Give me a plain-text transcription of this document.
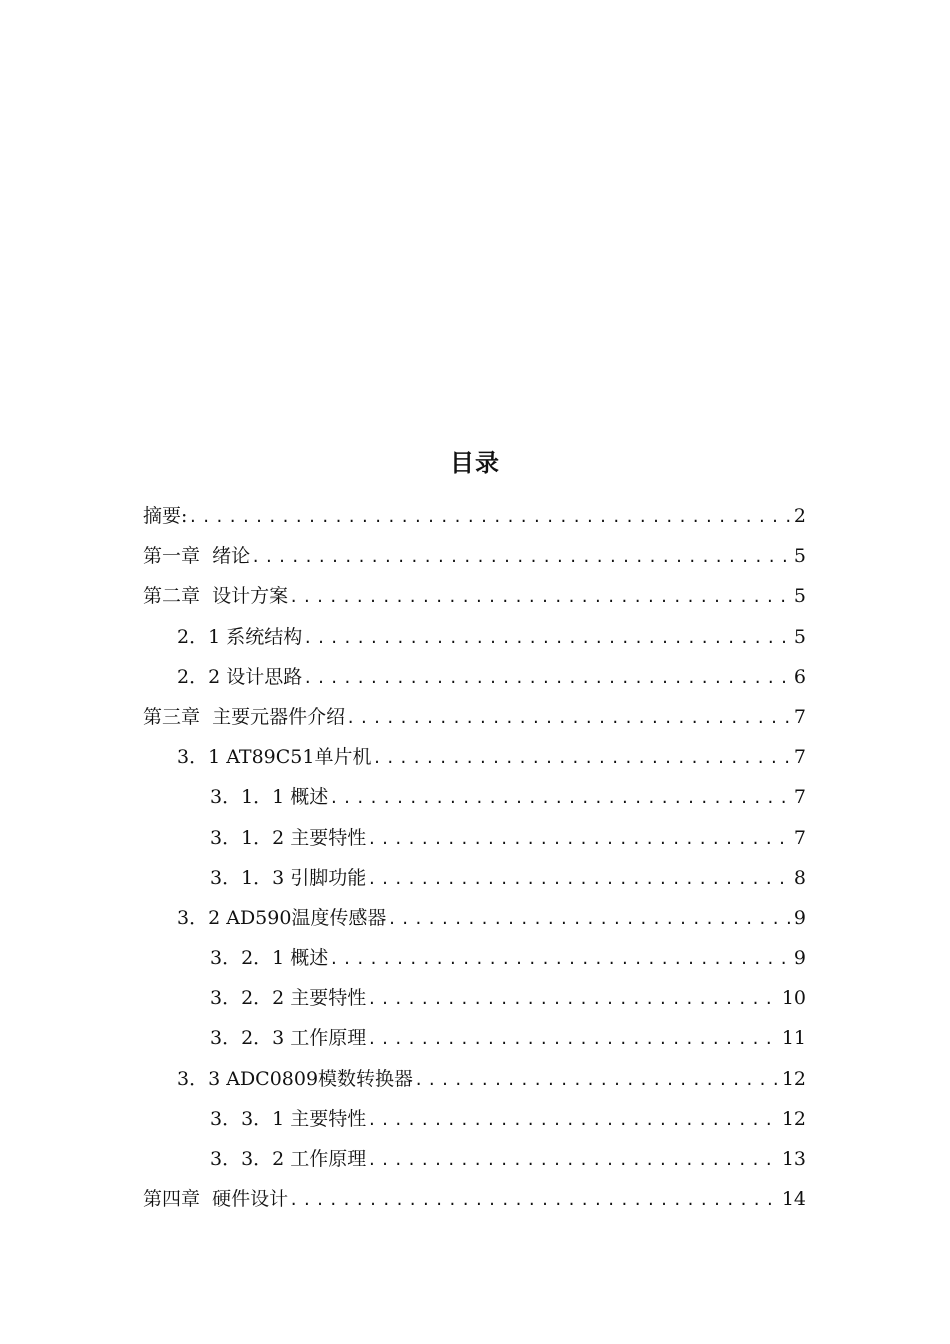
目录
摘要: .....	2
第一章  绪论 .....	5
第二章  设计方案 .....	5
2．1 系统结构 .....	5
2．2 设计思路 .....	6
第三章  主要元器件介绍 .....	7
3．1 AT89C51单片机 .....	7
3．1．1 概述 .....	7
3．1．2 主要特性 .....	7
3．1．3 引脚功能 .....	8
3．2 AD590温度传感器 .....	9
3．2．1 概述 .....	9
3．2．2 主要特性 .....	10
3．2．3 工作原理 .....	11
3．3 ADC0809模数转换器 .....	12
3．3．1 主要特性 .....	12
3．3．2 工作原理 .....	13
第四章  硬件设计 .....	14
